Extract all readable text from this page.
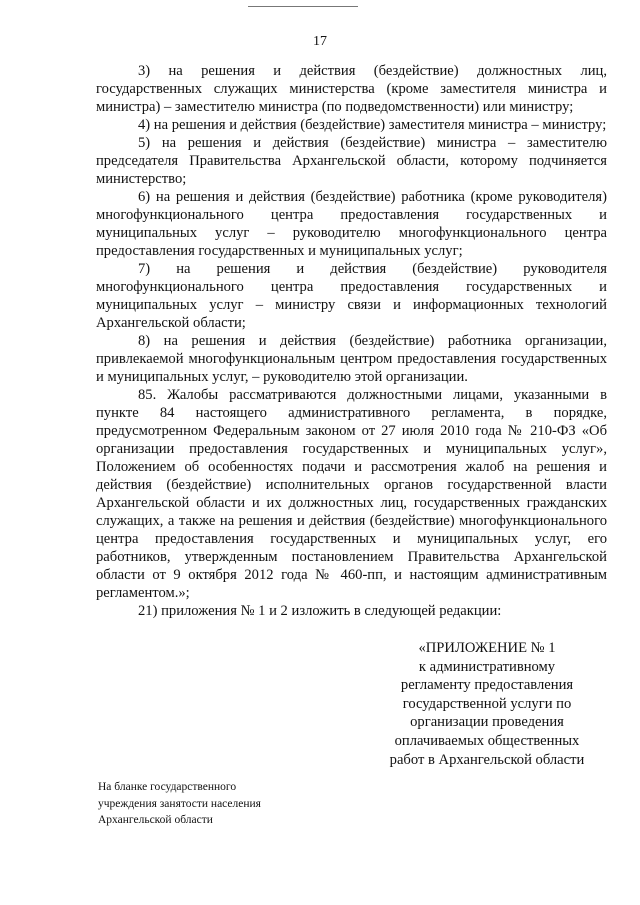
17

3) на решения и действия (бездействие) должностных лиц, государственных служащих министерства (кроме заместителя министра и министра) – заместителю министра (по подведомственности) или министру;

4) на решения и действия (бездействие) заместителя министра – министру;

5) на решения и действия (бездействие) министра – заместителю председателя Правительства Архангельской области, которому подчиняется министерство;

6) на решения и действия (бездействие) работника (кроме руководителя) многофункционального центра предоставления государственных и муниципальных услуг – руководителю многофункционального центра предоставления государственных и муниципальных услуг;

7) на решения и действия (бездействие) руководителя многофункционального центра предоставления государственных и муниципальных услуг – министру связи и информационных технологий Архангельской области;

8) на решения и действия (бездействие) работника организации, привлекаемой многофункциональным центром предоставления государственных и муниципальных услуг, – руководителю этой организации.

85. Жалобы рассматриваются должностными лицами, указанными в пункте 84 настоящего административного регламента, в порядке, предусмотренном Федеральным законом от 27 июля 2010 года № 210-ФЗ «Об организации предоставления государственных и муниципальных услуг», Положением об особенностях подачи и рассмотрения жалоб на решения и действия (бездействие) исполнительных органов государственной власти Архангельской области и их должностных лиц, государственных гражданских служащих, а также на решения и действия (бездействие) многофункционального центра предоставления государственных и муниципальных услуг, его работников, утвержденным постановлением Правительства Архангельской области от 9 октября 2012 года № 460-пп, и настоящим административным регламентом.»;

21) приложения № 1 и 2 изложить в следующей редакции:

«ПРИЛОЖЕНИЕ № 1
к административному
регламенту предоставления
государственной услуги по
организации проведения
оплачиваемых общественных
работ в Архангельской области
На бланке государственного
учреждения занятости населения
Архангельской области
